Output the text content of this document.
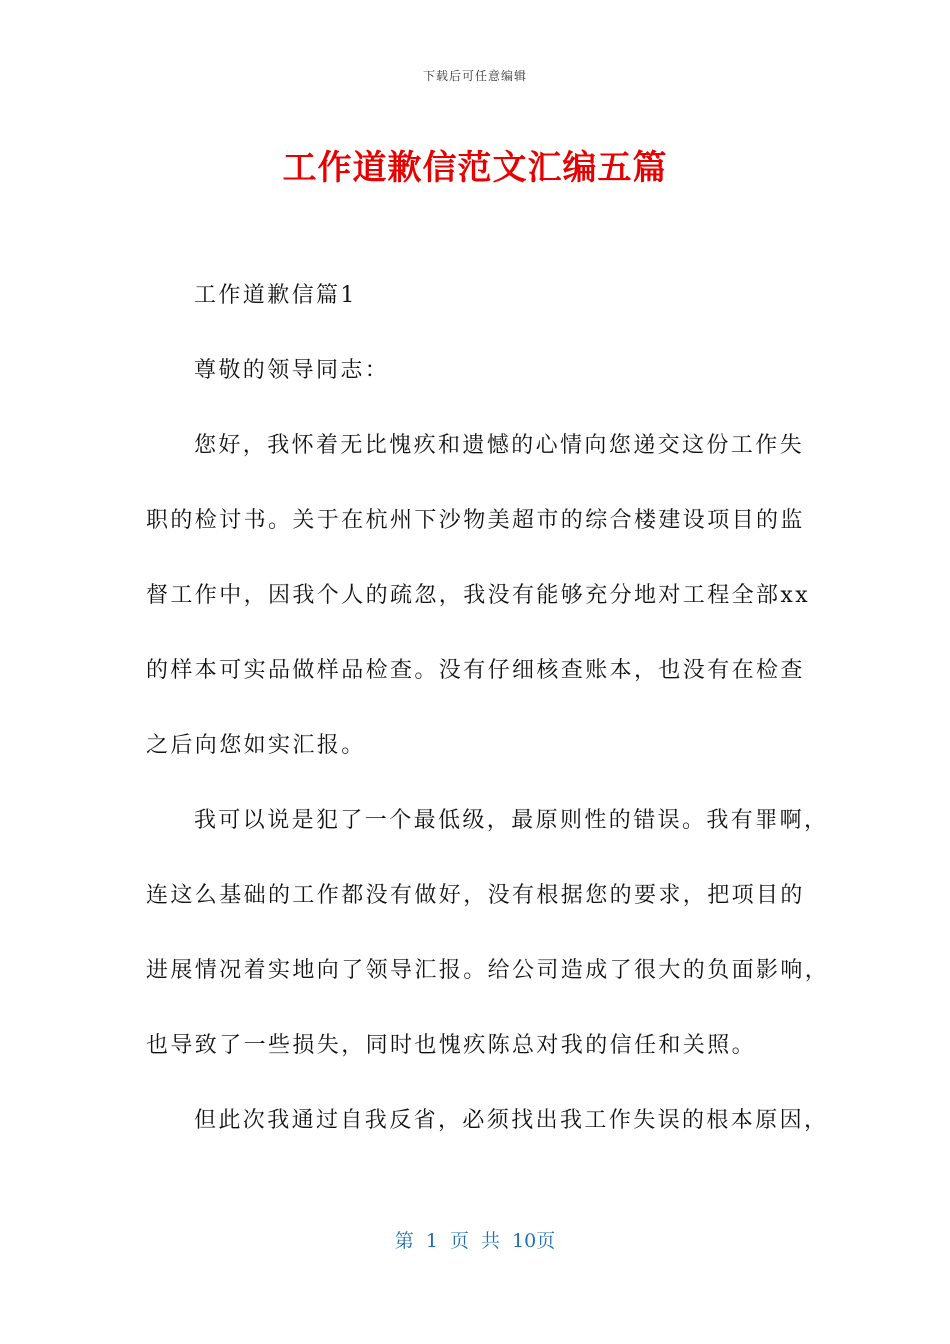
下载后可任意编辑
工作道歉信范文汇编五篇

工作道歉信篇1

尊敬的领导同志：

您好，我怀着无比愧疚和遗憾的心情向您递交这份工作失
职的检讨书。关于在杭州下沙物美超市的综合楼建设项目的监
督工作中，因我个人的疏忽，我没有能够充分地对工程全部xx
的样本可实品做样品检查。没有仔细核查账本，也没有在检查
之后向您如实汇报。

我可以说是犯了一个最低级，最原则性的错误。我有罪啊，
连这么基础的工作都没有做好，没有根据您的要求，把项目的
进展情况着实地向了领导汇报。给公司造成了很大的负面影响，
也导致了一些损失，同时也愧疚陈总对我的信任和关照。

但此次我通过自我反省，必须找出我工作失误的根本原因，

第 1 页 共 10页
